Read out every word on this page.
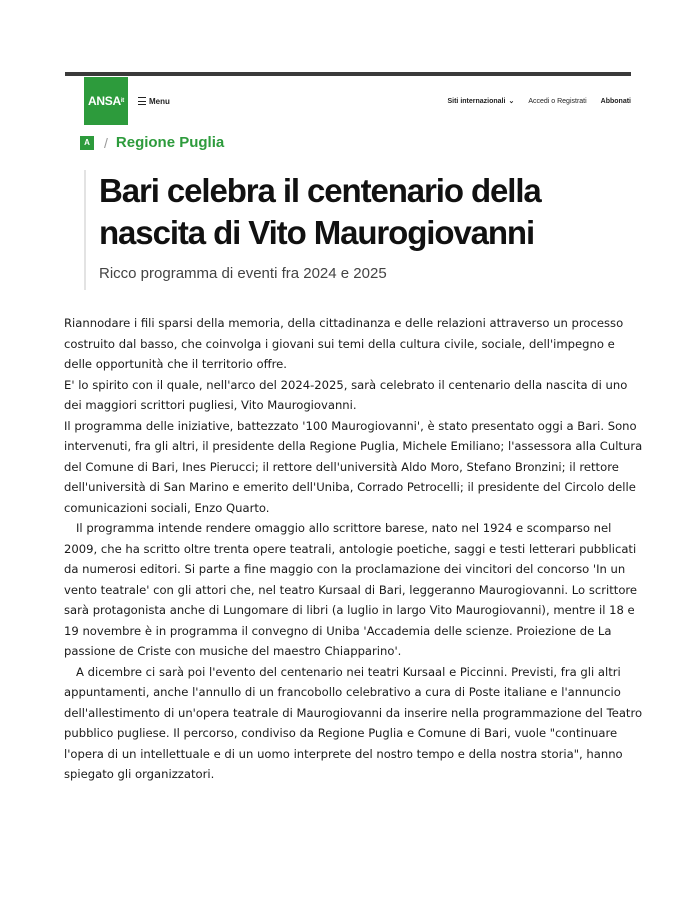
ANSA it	Menu	Siti internazionali ⌄ Accedi o Registrati Abbonati
A / Regione Puglia
Bari celebra il centenario della
nascita di Vito Maurogiovanni
Ricco programma di eventi fra 2024 e 2025

Riannodare i fili sparsi della memoria, della cittadinanza e delle relazioni attraverso un processo costruito dal basso, che coinvolga i giovani sui temi della cultura civile, sociale, dell'impegno e delle opportunità che il territorio offre.

E' lo spirito con il quale, nell'arco del 2024-2025, sarà celebrato il centenario della nascita di uno dei maggiori scrittori pugliesi, Vito Maurogiovanni.

Il programma delle iniziative, battezzato '100 Maurogiovanni', è stato presentato oggi a Bari. Sono intervenuti, fra gli altri, il presidente della Regione Puglia, Michele Emiliano; l'assessora alla Cultura del Comune di Bari, Ines Pierucci; il rettore dell'università Aldo Moro, Stefano Bronzini; il rettore dell'università di San Marino e emerito dell'Uniba, Corrado Petrocelli; il presidente del Circolo delle comunicazioni sociali, Enzo Quarto.

Il programma intende rendere omaggio allo scrittore barese, nato nel 1924 e scomparso nel 2009, che ha scritto oltre trenta opere teatrali, antologie poetiche, saggi e testi letterari pubblicati da numerosi editori. Si parte a fine maggio con la proclamazione dei vincitori del concorso 'In un vento teatrale' con gli attori che, nel teatro Kursaal di Bari, leggeranno Maurogiovanni. Lo scrittore sarà protagonista anche di Lungomare di libri (a luglio in largo Vito Maurogiovanni), mentre il 18 e 19 novembre è in programma il convegno di Uniba 'Accademia delle scienze. Proiezione de La passione de Criste con musiche del maestro Chiapparino'.

A dicembre ci sarà poi l'evento del centenario nei teatri Kursaal e Piccinni. Previsti, fra gli altri appuntamenti, anche l'annullo di un francobollo celebrativo a cura di Poste italiane e l'annuncio dell'allestimento di un'opera teatrale di Maurogiovanni da inserire nella programmazione del Teatro pubblico pugliese. Il percorso, condiviso da Regione Puglia e Comune di Bari, vuole "continuare l'opera di un intellettuale e di un uomo interprete del nostro tempo e della nostra storia", hanno spiegato gli organizzatori.
